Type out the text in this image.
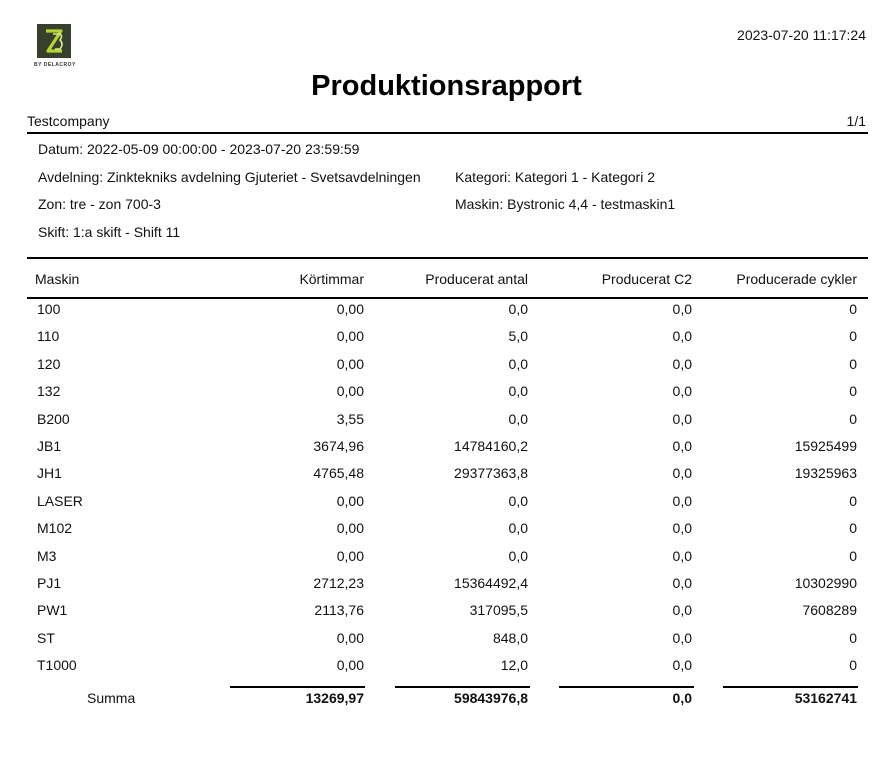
BY DELACROY
2023-07-20 11:17:24
Produktionsrapport
Testcompany	1/1
Datum: 2022-05-09 00:00:00 - 2023-07-20 23:59:59
Avdelning: Zinktekniks avdelning Gjuteriet - Svetsavdelningen Kategori: Kategori 1 - Kategori 2
Zon: tre - zon 700-3	Maskin: Bystronic 4,4 - testmaskin1
Skift: 1:a skift - Shift 11
Maskin	Körtimmar	Producerat antal	Producerat C2	Producerade cykler
100	0,00	0,0	0,0	0
110	0,00	5,0	0,0	0
120	0,00	0,0	0,0	0
132	0,00	0,0	0,0	0
B200	3,55	0,0	0,0	0
JB1	3674,96	14784160,2	0,0	15925499
JH1	4765,48	29377363,8	0,0	19325963
LASER	0,00	0,0	0,0	0
M102	0,00	0,0	0,0	0
M3	0,00	0,0	0,0	0
PJ1	2712,23	15364492,4	0,0	10302990
PW1	2113,76	317095,5	0,0	7608289
ST	0,00	848,0	0,0	0
T1000	0,00	12,0	0,0	0
Summa	13269,97	59843976,8	0,0	53162741
